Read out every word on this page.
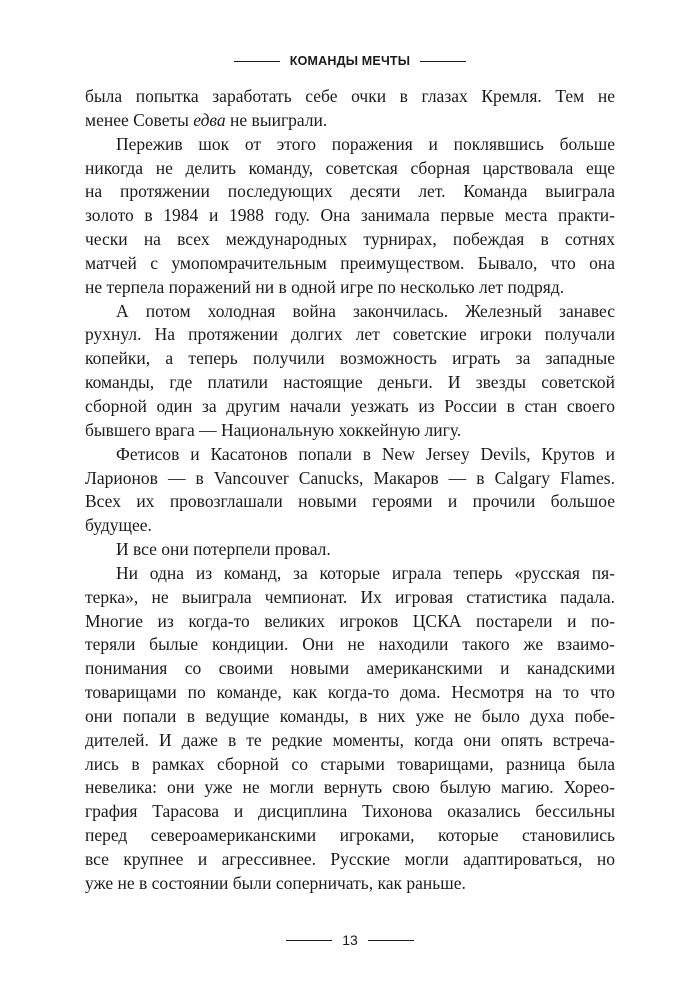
КОМАНДЫ МЕЧТЫ
была попытка заработать себе очки в глазах Кремля. Тем не
менее Советы едва не выиграли.
Пережив шок от этого поражения и поклявшись больше
никогда не делить команду, советская сборная царствовала еще
на протяжении последующих десяти лет. Команда выиграла
золото в 1984 и 1988 году. Она занимала первые места практи-
чески на всех международных турнирах, побеждая в сотнях
матчей с умопомрачительным преимуществом. Бывало, что она
не терпела поражений ни в одной игре по несколько лет подряд.
А потом холодная война закончилась. Железный занавес
рухнул. На протяжении долгих лет советские игроки получали
копейки, а теперь получили возможность играть за западные
команды, где платили настоящие деньги. И звезды советской
сборной один за другим начали уезжать из России в стан своего
бывшего врага — Национальную хоккейную лигу.
Фетисов и Касатонов попали в New Jersey Devils, Крутов и
Ларионов — в Vancouver Canucks, Макаров — в Calgary Flames.
Всех их провозглашали новыми героями и прочили большое
будущее.
И все они потерпели провал.
Ни одна из команд, за которые играла теперь «русская пя-
терка», не выиграла чемпионат. Их игровая статистика падала.
Многие из когда-то великих игроков ЦСКА постарели и по-
теряли былые кондиции. Они не находили такого же взаимо-
понимания со своими новыми американскими и канадскими
товарищами по команде, как когда-то дома. Несмотря на то что
они попали в ведущие команды, в них уже не было духа побе-
дителей. И даже в те редкие моменты, когда они опять встреча-
лись в рамках сборной со старыми товарищами, разница была
невелика: они уже не могли вернуть свою былую магию. Хорео-
графия Тарасова и дисциплина Тихонова оказались бессильны
перед североамериканскими игроками, которые становились
все крупнее и агрессивнее. Русские могли адаптироваться, но
уже не в состоянии были соперничать, как раньше.
13
